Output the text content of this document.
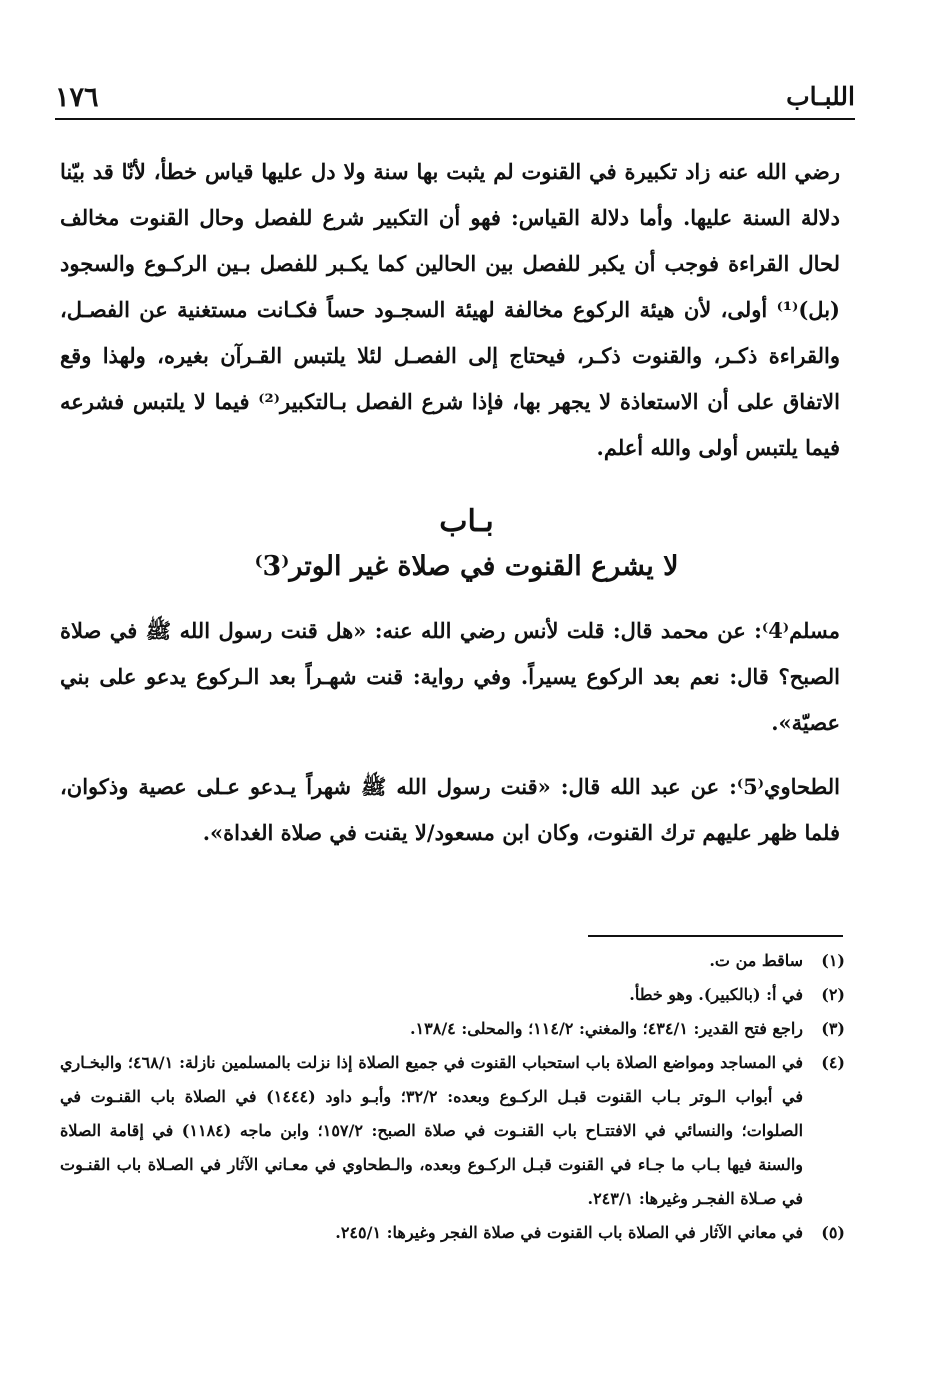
١٧٦	اللبـاب

رضي الله عنه زاد تكبيرة في القنوت لم يثبت بها سنة ولا دل عليها قياس خطأ، لأنّا قد بيّنا دلالة السنة عليها. وأما دلالة القياس: فهو أن التكبير شرع للفصل وحال القنوت مخالف لحال القراءة فوجب أن يكبر للفصل بين الحالين كما يكـبر للفصل بـين الركـوع والسجود (بل)⁽¹⁾ أولى، لأن هيئة الركوع مخالفة لهيئة السجـود حساً فكـانت مستغنية عن الفصـل، والقراءة ذكـر، والقنوت ذكـر، فيحتاج إلى الفصـل لئلا يلتبس القـرآن بغيره، ولهذا وقع الاتفاق على أن الاستعاذة لا يجهر بها، فإذا شرع الفصل بـالتكبير⁽²⁾ فيما لا يلتبس فشرعه فيما يلتبس أولى والله أعلم.

بـاب
لا يشرع القنوت في صلاة غير الوتر⁽3⁾

مسلم⁽4⁾: عن محمد قال: قلت لأنس رضي الله عنه: «هل قنت رسول الله ﷺ في صلاة الصبح؟ قال: نعم بعد الركوع يسيراً. وفي رواية: قنت شهـراً بعد الـركوع يدعو على بني عصيّة».

الطحاوي⁽5⁾: عن عبد الله قال: «قنت رسول الله ﷺ شهراً يـدعو عـلى عصية وذكوان، فلما ظهر عليهم ترك القنوت، وكان ابن مسعود/لا يقنت في صلاة الغداة».

(١)
ساقط من ت.
(٢)
في أ: (بالكبير). وهو خطأ.
(٣)
راجع فتح القدير: ٤٣٤/١؛ والمغني: ١١٤/٢؛ والمحلى: ١٣٨/٤.
(٤)
في المساجد ومواضع الصلاة باب استحباب القنوت في جميع الصلاة إذا نزلت بالمسلمين نازلة: ٤٦٨/١؛ والبخـاري في أبواب الـوتر بـاب القنوت قبـل الركـوع وبعده: ٣٢/٢؛ وأبـو داود (١٤٤٤) في الصلاة باب القنـوت في الصلوات؛ والنسائي في الافتتـاح باب القنـوت في صلاة الصبح: ١٥٧/٢؛ وابن ماجه (١١٨٤) في إقامة الصلاة والسنة فيها بـاب ما جـاء في القنوت قبـل الركـوع وبعده، والـطحاوي في معـاني الآثار في الصـلاة باب القنـوت في صـلاة الفجـر وغيرها: ٢٤٣/١.
(٥)
في معاني الآثار في الصلاة باب القنوت في صلاة الفجر وغيرها: ٢٤٥/١.
